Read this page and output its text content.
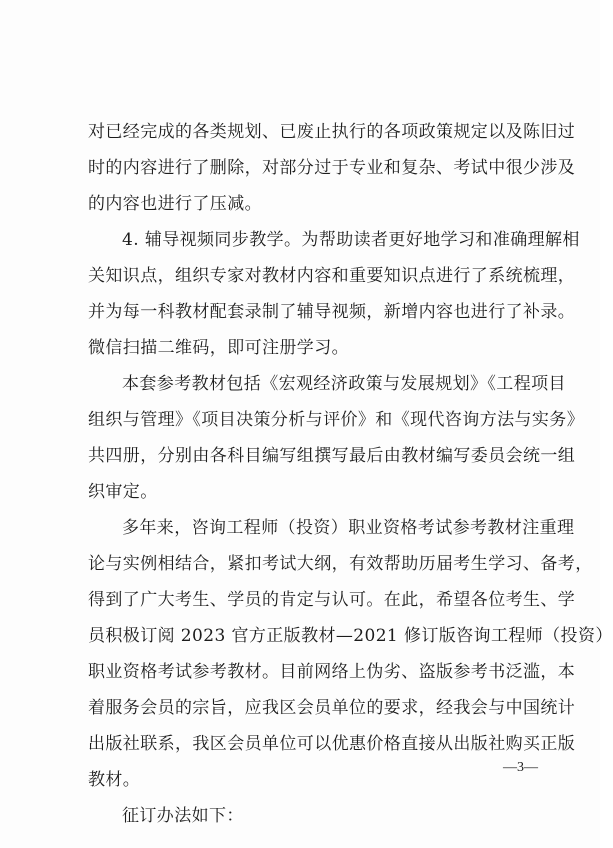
对已经完成的各类规划、已废止执行的各项政策规定以及陈旧过
时的内容进行了删除，对部分过于专业和复杂、考试中很少涉及
的内容也进行了压减。
4. 辅导视频同步教学。为帮助读者更好地学习和准确理解相
关知识点，组织专家对教材内容和重要知识点进行了系统梳理，
并为每一科教材配套录制了辅导视频，新增内容也进行了补录。
微信扫描二维码，即可注册学习。
本套参考教材包括《宏观经济政策与发展规划》《工程项目
组织与管理》《项目决策分析与评价》和《现代咨询方法与实务》
共四册，分别由各科目编写组撰写最后由教材编写委员会统一组
织审定。
多年来，咨询工程师（投资）职业资格考试参考教材注重理
论与实例相结合，紧扣考试大纲，有效帮助历届考生学习、备考，
得到了广大考生、学员的肯定与认可。在此，希望各位考生、学
员积极订阅 2023 官方正版教材—2021 修订版咨询工程师（投资）
职业资格考试参考教材。目前网络上伪劣、盗版参考书泛滥，本
着服务会员的宗旨，应我区会员单位的要求，经我会与中国统计
出版社联系，我区会员单位可以优惠价格直接从出版社购买正版
教材。
征订办法如下：
—3—
